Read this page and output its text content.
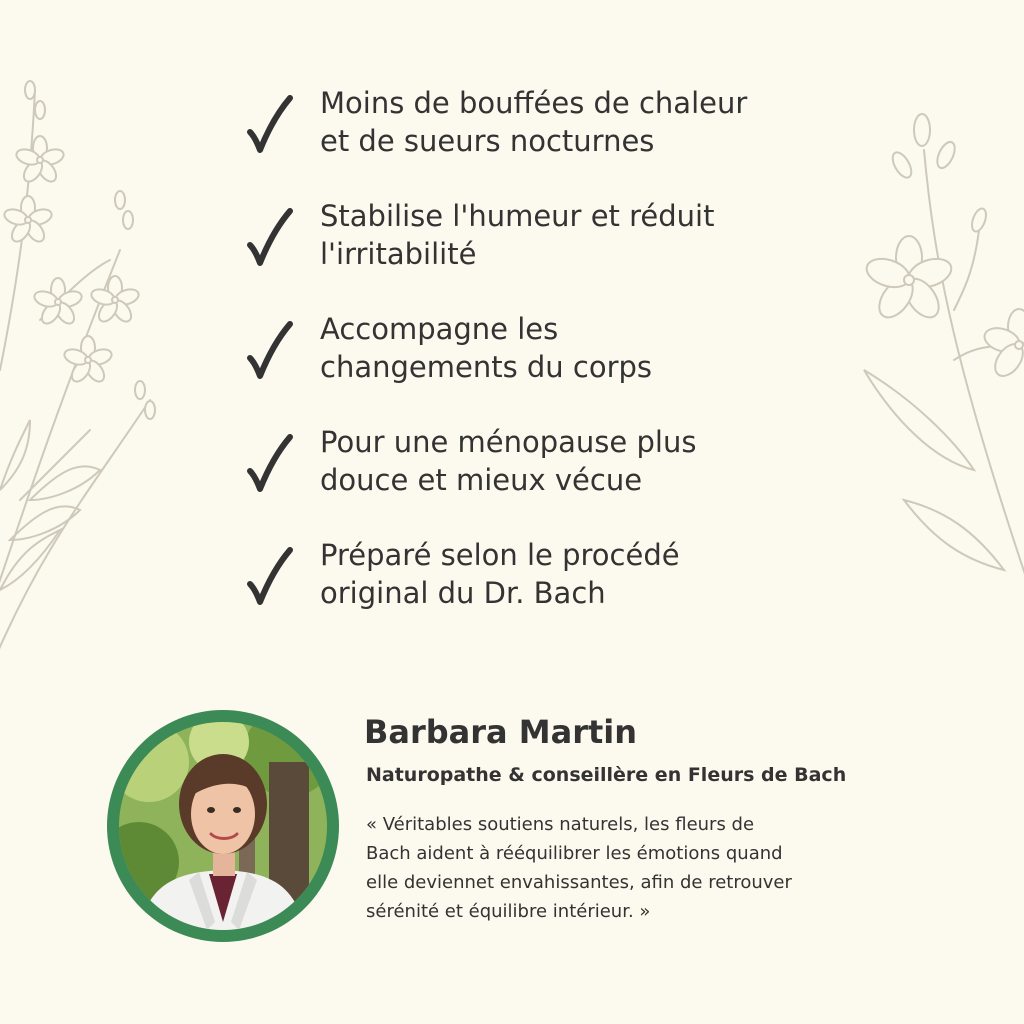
Moins de bouffées de chaleur
et de sueurs nocturnes
Stabilise l'humeur et réduit
l'irritabilité
Accompagne les
changements du corps
Pour une ménopause plus
douce et mieux vécue
Préparé selon le procédé
original du Dr. Bach
Barbara Martin
Naturopathe & conseillère en Fleurs de Bach
« Véritables soutiens naturels, les fleurs de
Bach aident à rééquilibrer les émotions quand
elle deviennet envahissantes, afin de retrouver
sérénité et équilibre intérieur. »
